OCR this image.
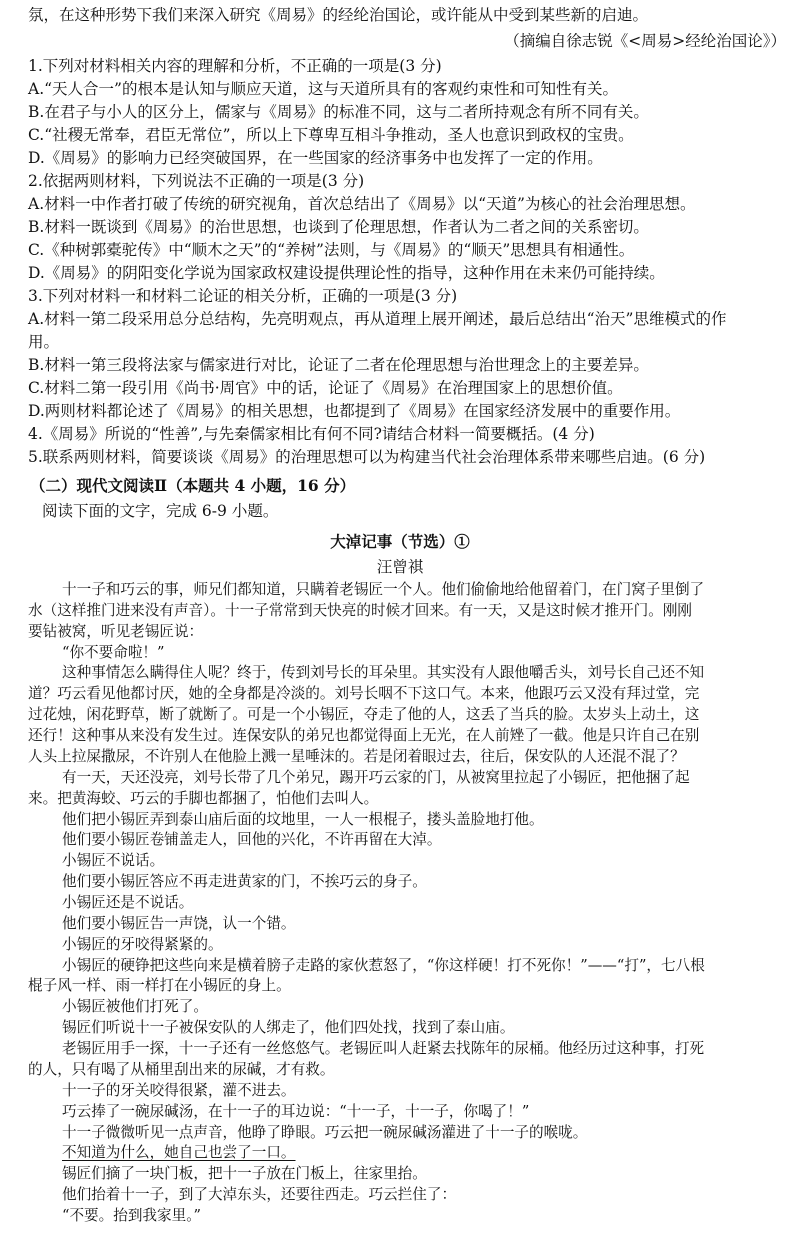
氛，在这种形势下我们来深入研究《周易》的经纶治国论，或许能从中受到某些新的启迪。
（摘编自徐志锐《<周易>经纶治国论》）
1.下列对材料相关内容的理解和分析，不正确的一项是(3 分)
A.“天人合一”的根本是认知与顺应天道，这与天道所具有的客观约束性和可知性有关。
B.在君子与小人的区分上，儒家与《周易》的标准不同，这与二者所持观念有所不同有关。
C.“社稷无常奉，君臣无常位”，所以上下尊卑互相斗争推动，圣人也意识到政权的宝贵。
D.《周易》的影响力已经突破国界，在一些国家的经济事务中也发挥了一定的作用。
2.依据两则材料，下列说法不正确的一项是(3 分)
A.材料一中作者打破了传统的研究视角，首次总结出了《周易》以“天道”为核心的社会治理思想。
B.材料一既谈到《周易》的治世思想，也谈到了伦理思想，作者认为二者之间的关系密切。
C.《种树郭橐驼传》中“顺木之天”的“养树”法则，与《周易》的“顺天”思想具有相通性。
D.《周易》的阴阳变化学说为国家政权建设提供理论性的指导，这种作用在未来仍可能持续。
3.下列对材料一和材料二论证的相关分析，正确的一项是(3 分)
A.材料一第二段采用总分总结构，先亮明观点，再从道理上展开阐述，最后总结出“治天”思维模式的作
用。
B.材料一第三段将法家与儒家进行对比，论证了二者在伦理思想与治世理念上的主要差异。
C.材料二第一段引用《尚书·周官》中的话，论证了《周易》在治理国家上的思想价值。
D.两则材料都论述了《周易》的相关思想，也都提到了《周易》在国家经济发展中的重要作用。
4.《周易》所说的“性善”,与先秦儒家相比有何不同?请结合材料一简要概括。(4 分)
5.联系两则材料，简要谈谈《周易》的治理思想可以为构建当代社会治理体系带来哪些启迪。(6 分)
（二）现代文阅读Ⅱ（本题共 4 小题，16 分）
阅读下面的文字，完成 6-9 小题。
大淖记事（节选）①
汪曾祺
十一子和巧云的事，师兄们都知道，只瞒着老锡匠一个人。他们偷偷地给他留着门，在门窝子里倒了
水（这样推门进来没有声音）。十一子常常到天快亮的时候才回来。有一天，又是这时候才推开门。刚刚
要钻被窝，听见老锡匠说：
“你不要命啦！”
这种事情怎么瞒得住人呢？终于，传到刘号长的耳朵里。其实没有人跟他嚼舌头，刘号长自己还不知
道？巧云看见他都讨厌，她的全身都是冷淡的。刘号长咽不下这口气。本来，他跟巧云又没有拜过堂，完
过花烛，闲花野草，断了就断了。可是一个小锡匠，夺走了他的人，这丢了当兵的脸。太岁头上动土，这
还行！这种事从来没有发生过。连保安队的弟兄也都觉得面上无光，在人前矬了一截。他是只许自己在别
人头上拉屎撒尿，不许别人在他脸上溅一星唾沫的。若是闭着眼过去，往后，保安队的人还混不混了？
有一天，天还没亮，刘号长带了几个弟兄，踢开巧云家的门，从被窝里拉起了小锡匠，把他捆了起
来。把黄海蛟、巧云的手脚也都捆了，怕他们去叫人。
他们把小锡匠弄到泰山庙后面的坟地里，一人一根棍子，搂头盖脸地打他。
他们要小锡匠卷铺盖走人，回他的兴化，不许再留在大淖。
小锡匠不说话。
他们要小锡匠答应不再走进黄家的门，不挨巧云的身子。
小锡匠还是不说话。
他们要小锡匠告一声饶，认一个错。
小锡匠的牙咬得紧紧的。
小锡匠的硬铮把这些向来是横着膀子走路的家伙惹怒了，“你这样硬！打不死你！”——“打”，七八根
棍子风一样、雨一样打在小锡匠的身上。
小锡匠被他们打死了。
锡匠们听说十一子被保安队的人绑走了，他们四处找，找到了泰山庙。
老锡匠用手一探，十一子还有一丝悠悠气。老锡匠叫人赶紧去找陈年的尿桶。他经历过这种事，打死
的人，只有喝了从桶里刮出来的尿碱，才有救。
十一子的牙关咬得很紧，灌不进去。
巧云捧了一碗尿碱汤，在十一子的耳边说：“十一子，十一子，你喝了！”
十一子微微听见一点声音，他睁了睁眼。巧云把一碗尿碱汤灌进了十一子的喉咙。
不知道为什么，她自己也尝了一口。
锡匠们摘了一块门板，把十一子放在门板上，往家里抬。
他们抬着十一子，到了大淖东头，还要往西走。巧云拦住了：
“不要。抬到我家里。”
